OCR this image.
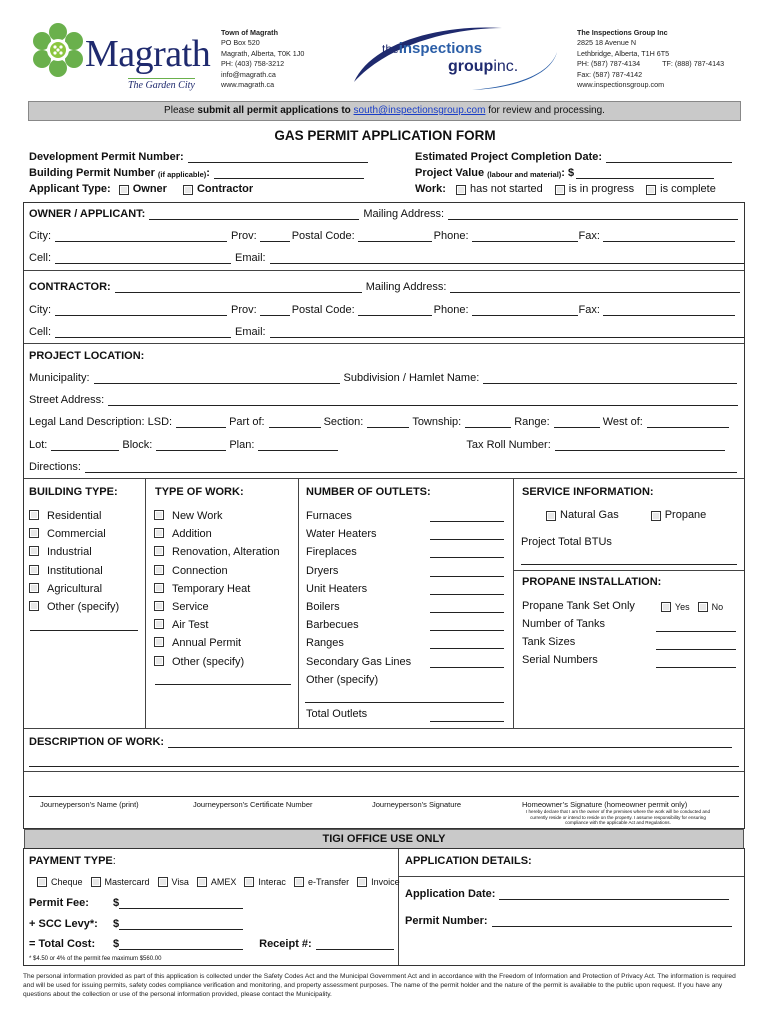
Magrath
The Garden City
Town of Magrath
PO Box 520
Magrath, Alberta, T0K 1J0
PH: (403) 758-3212
info@magrath.ca
www.magrath.ca
theinspections
groupinc.
The Inspections Group Inc
2825 18 Avenue N
Lethbridge, Alberta, T1H 6T5
PH: (587) 787-4134	TF: (888) 787-4143
Fax: (587) 787-4142
www.inspectionsgroup.com
Please submit all permit applications to south@inspectionsgroup.com for review and processing.
GAS PERMIT APPLICATION FORM
Development Permit Number:
Building Permit Number (if applicable) :
Applicant Type: Owner	Contractor
Estimated Project Completion Date:
Project Value (labour and material) : $
Work: has not started is in progress is complete
OWNER / APPLICANT:	Mailing Address:
City:	Prov:	Postal Code:	Phone:	Fax:
Cell:	Email:
CONTRACTOR:	Mailing Address:
City:	Prov:	Postal Code:	Phone:	Fax:
Cell:	Email:
PROJECT LOCATION:
Municipality:	Subdivision / Hamlet Name:
Street Address:
Legal Land Description: LSD:	Part of:	Section:	Township:	Range:	West of:
Lot:	Block:	Plan:	Tax Roll Number:
Directions:
BUILDING TYPE:
Residential
Commercial
Industrial
Institutional
Agricultural
Other (specify)
TYPE OF WORK:
New Work
Addition
Renovation, Alteration
Connection
Temporary Heat
Service
Air Test
Annual Permit
Other (specify)
NUMBER OF OUTLETS:
Furnaces
Water Heaters
Fireplaces
Dryers
Unit Heaters
Boilers
Barbecues
Ranges
Secondary Gas Lines
Other (specify)
Total Outlets
SERVICE INFORMATION:
Natural Gas	Propane
Project Total BTUs
PROPANE INSTALLATION:
Propane Tank Set Only	Yes No
Number of Tanks
Tank Sizes
Serial Numbers
DESCRIPTION OF WORK:
Journeyperson’s Name (print)	Journeyperson’s Certificate Number	Journeyperson’s Signature	Homeowner’s Signature (homeowner permit only)
I hereby declare that I am the owner of the premises where the work will be conducted and currently reside or intend to reside on the property. I assume responsibility for ensuring compliance with the applicable Act and Regulations.
TIGI OFFICE USE ONLY
PAYMENT TYPE:
Cheque Mastercard Visa AMEX Interac e-Transfer Invoice
Permit Fee:	$
+ SCC Levy*:	$
= Total Cost:	$	Receipt #:
* $4.50 or 4% of the permit fee maximum $560.00
APPLICATION DETAILS:
Application Date:
Permit Number:
The personal information provided as part of this application is collected under the Safety Codes Act and the Municipal Government Act and in accordance with the Freedom of Information and Protection of Privacy Act. The information is required and will be used for issuing permits, safety codes compliance verification and monitoring, and property assessment purposes. The name of the permit holder and the nature of the permit is available to the public upon request. If you have any questions about the collection or use of the personal information provided, please contact the Municipality.
